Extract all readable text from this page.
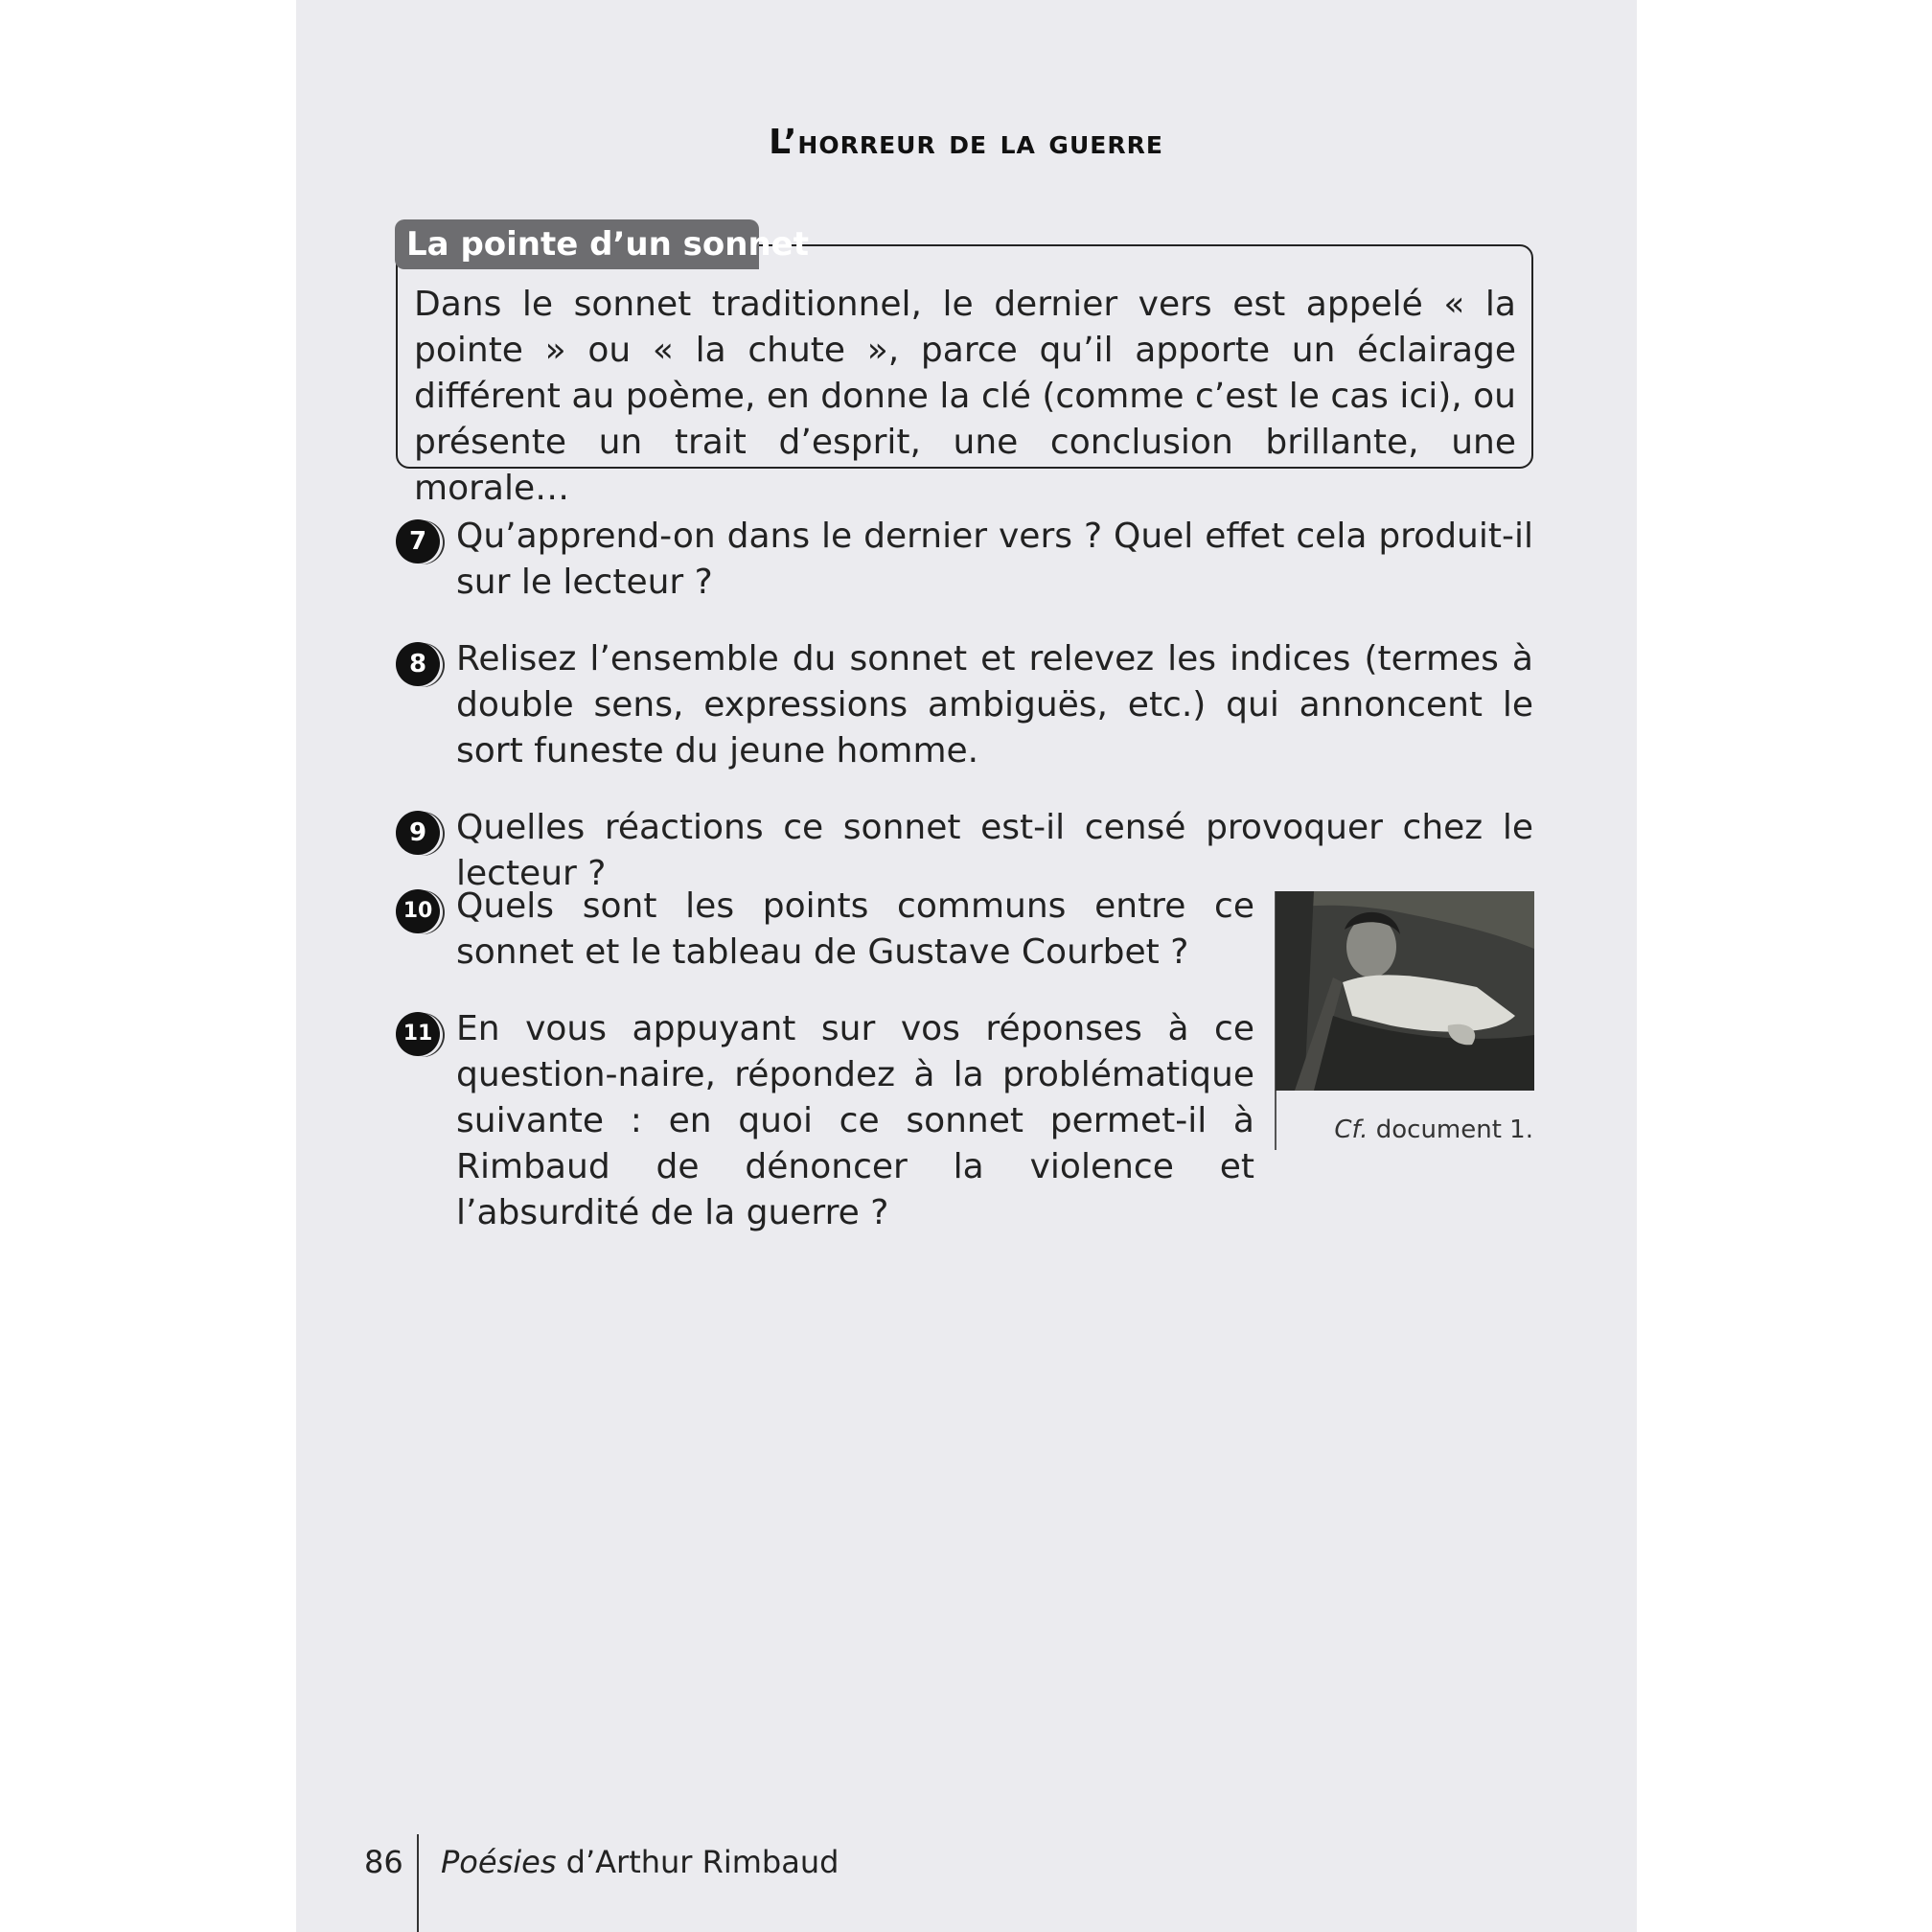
L’horreur de la guerre
La pointe d’un sonnet
Dans le sonnet traditionnel, le dernier vers est appelé « la pointe » ou « la chute », parce qu’il apporte un éclairage différent au poème, en donne la clé (comme c’est le cas ici), ou présente un trait d’esprit, une conclusion brillante, une morale…
7 Qu’apprend-on dans le dernier vers ? Quel effet cela produit-il sur le lecteur ?
8 Relisez l’ensemble du sonnet et relevez les indices (termes à double sens, expressions ambiguës, etc.) qui annoncent le sort funeste du jeune homme.
9 Quelles réactions ce sonnet est-il censé provoquer chez le lecteur ?
10 Quels sont les points communs entre ce sonnet et le tableau de Gustave Courbet ?
11 En vous appuyant sur vos réponses à ce question-naire, répondez à la problématique suivante : en quoi ce sonnet permet-il à Rimbaud de dénoncer la violence et l’absurdité de la guerre ?
Cf. document 1.
86 Poésies d’Arthur Rimbaud
